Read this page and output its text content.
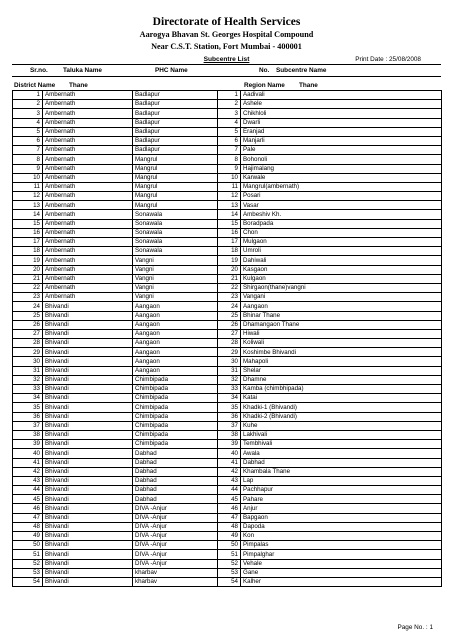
Directorate of Health Services
Aarogya Bhavan St. Georges Hospital Compound
Near C.S.T. Station, Fort Mumbai - 400001
Subcentre List	Print Date : 25/08/2008
Sr.no. Taluka Name	PHC Name	No. Subcentre Name
District Name Thane	Region Name Thane
1	Ambernath	Badlapur	1	Aadivali
2	Ambernath	Badlapur	2	Ashele
3	Ambernath	Badlapur	3	Chikhloli
4	Ambernath	Badlapur	4	Dwarli
5	Ambernath	Badlapur	5	Eranjad
6	Ambernath	Badlapur	6	Manjarli
7	Ambernath	Badlapur	7	Pale
8	Ambernath	Mangrul	8	Bohonoli
9	Ambernath	Mangrul	9	Hajimalang
10	Ambernath	Mangrul	10	Karwale
11	Ambernath	Mangrul	11	Mangrul(ambernath)
12	Ambernath	Mangrul	12	Posari
13	Ambernath	Mangrul	13	Vasar
14	Ambernath	Sonawala	14	Ambeshiv Kh.
15	Ambernath	Sonawala	15	Boradpada
16	Ambernath	Sonawala	16	Chon
17	Ambernath	Sonawala	17	Mulgaon
18	Ambernath	Sonawala	18	Umroli
19	Ambernath	Vangni	19	Dahiwali
20	Ambernath	Vangni	20	Kasgaon
21	Ambernath	Vangni	21	Kulgaon
22	Ambernath	Vangni	22	Shirgaon(thane)vangni
23	Ambernath	Vangni	23	Vangani
24	Bhivandi	Aangaon	24	Aangaon
25	Bhivandi	Aangaon	25	Bhinar Thane
26	Bhivandi	Aangaon	26	Dhamangaon Thane
27	Bhivandi	Aangaon	27	Hiwali
28	Bhivandi	Aangaon	28	Koliwali
29	Bhivandi	Aangaon	29	Koshimbe Bhivandi
30	Bhivandi	Aangaon	30	Mahapoli
31	Bhivandi	Aangaon	31	Shelar
32	Bhivandi	Chimbipada	32	Dhamne
33	Bhivandi	Chimbipada	33	Kamba (chimbhipada)
34	Bhivandi	Chimbipada	34	Katai
35	Bhivandi	Chimbipada	35	Khadki-1 (Bhivandi)
36	Bhivandi	Chimbipada	36	Khadki-2 (Bhivandi)
37	Bhivandi	Chimbipada	37	Kuhe
38	Bhivandi	Chimbipada	38	Lakhivali
39	Bhivandi	Chimbipada	39	Tembhivali
40	Bhivandi	Dabhad	40	Awala
41	Bhivandi	Dabhad	41	Dabhad
42	Bhivandi	Dabhad	42	Khambala Thane
43	Bhivandi	Dabhad	43	Lap
44	Bhivandi	Dabhad	44	Pachhapur
45	Bhivandi	Dabhad	45	Pahare
46	Bhivandi	DIVA -Anjur	46	Anjur
47	Bhivandi	DIVA -Anjur	47	Bapgaon
48	Bhivandi	DIVA -Anjur	48	Dapoda
49	Bhivandi	DIVA -Anjur	49	Kon
50	Bhivandi	DIVA -Anjur	50	Pimpalas
51	Bhivandi	DIVA -Anjur	51	Pimpalghar
52	Bhivandi	DIVA -Anjur	52	Vehale
53	Bhivandi	kharbav	53	Gane
54	Bhivandi	kharbav	54	Kalher
Page No. : 1
